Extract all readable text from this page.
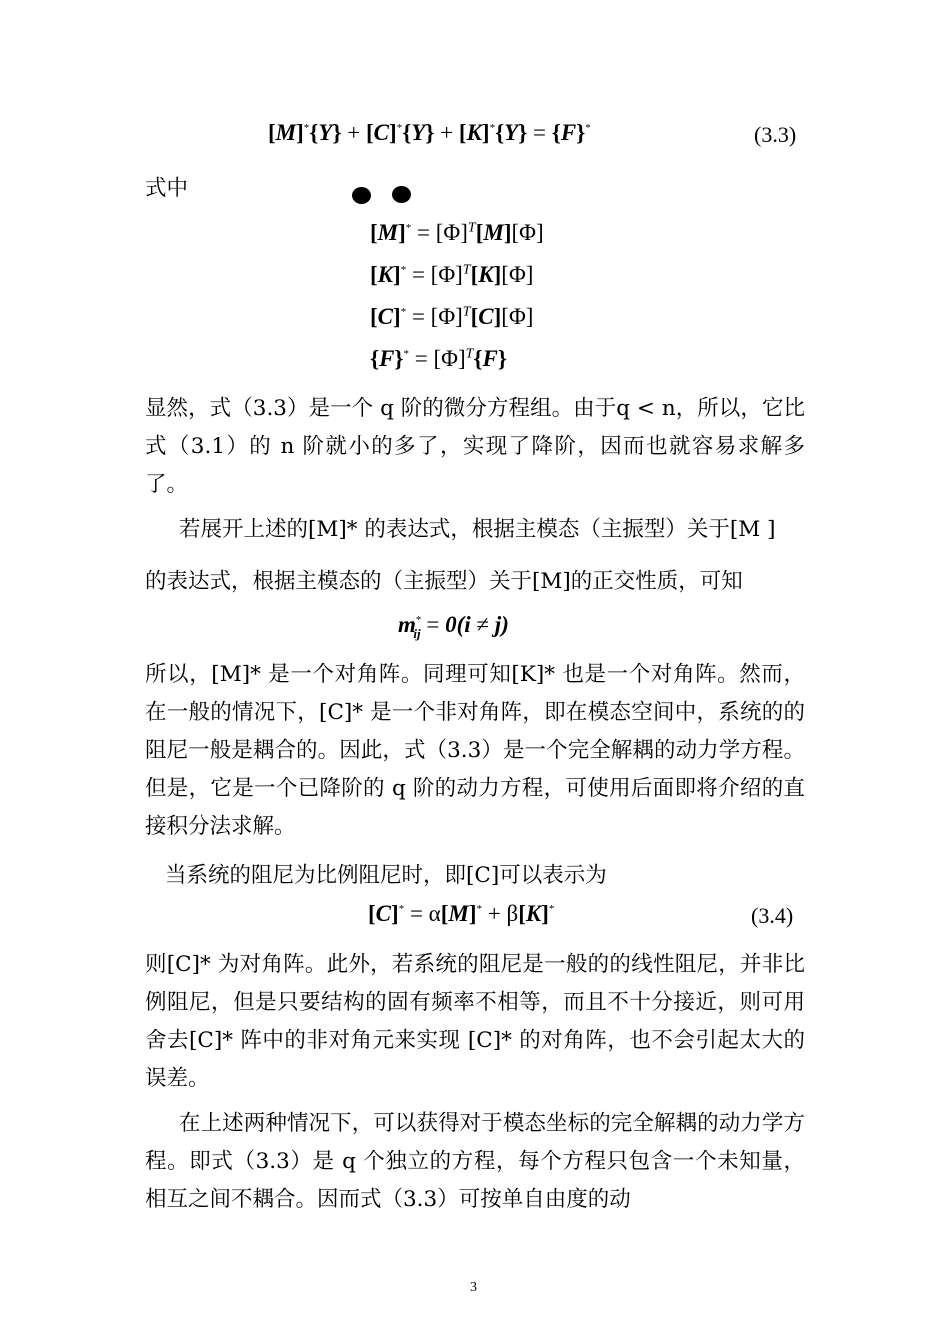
[M]*{Y} + [C]*{Y} + [K]*{Y} = {F}*	(3.3)
式中
$[M]^* = [\Phi]^T[M][\Phi]$
$[K]^* = [\Phi]^T[K][\Phi]$
$[C]^* = [\Phi]^T[C][\Phi]$
$\{F\}^* = [\Phi]^T\{F\}$
显然，式（3.3）是一个 q 阶的微分方程组。由于q < n，所以，它比式（3.1）的 n 阶就小的多了，实现了降阶，因而也就容易求解多了。
若展开上述的[M]* 的表达式，根据主模态（主振型）关于[M ]
的表达式，根据主模态的（主振型）关于[M]的正交性质，可知
$m^*_{ij} = 0(i \ne j)$
所以，[M]* 是一个对角阵。同理可知[K]* 也是一个对角阵。然而，在一般的情况下，[C]* 是一个非对角阵，即在模态空间中，系统的的阻尼一般是耦合的。因此，式（3.3）是一个完全解耦的动力学方程。但是，它是一个已降阶的 q 阶的动力方程，可使用后面即将介绍的直接积分法求解。
当系统的阻尼为比例阻尼时，即[C]可以表示为
[C]* = α[M]* + β[K]*	(3.4)
则[C]* 为对角阵。此外，若系统的阻尼是一般的的线性阻尼，并非比例阻尼，但是只要结构的固有频率不相等，而且不十分接近，则可用舍去[C]* 阵中的非对角元来实现 [C]* 的对角阵，也不会引起太大的误差。
在上述两种情况下，可以获得对于模态坐标的完全解耦的动力学方程。即式（3.3）是 q 个独立的方程，每个方程只包含一个未知量，相互之间不耦合。因而式（3.3）可按单自由度的动
3
